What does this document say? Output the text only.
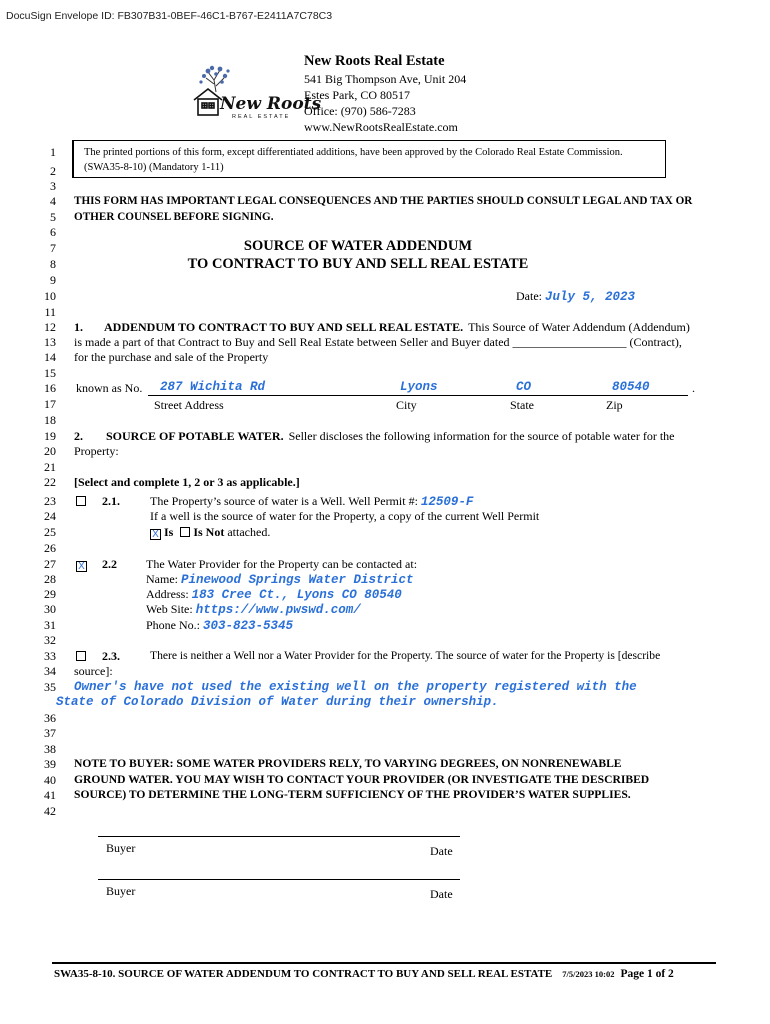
DocuSign Envelope ID: FB307B31-0BEF-46C1-B767-E2411A7C78C3
New Roots
REAL ESTATE
New Roots Real Estate
541 Big Thompson Ave, Unit 204
Estes Park, CO 80517
Office: (970) 586-7283
www.NewRootsRealEstate.com
1
2
3
4
5
6
7
8
9
10
11
12
13
14
15
16
17
18
19
20
21
22
23
24
25
26
27
28
29
30
31
32
33
34
35
36
37
38
39
40
41
42
The printed portions of this form, except differentiated additions, have been approved by the Colorado Real Estate Commission.
(SWA35-8-10) (Mandatory 1-11)
THIS FORM HAS IMPORTANT LEGAL CONSEQUENCES AND THE PARTIES SHOULD CONSULT LEGAL AND TAX OR
OTHER COUNSEL BEFORE SIGNING.
SOURCE OF WATER ADDENDUM
TO CONTRACT TO BUY AND SELL REAL ESTATE
Date: July 5, 2023
1. ADDENDUM TO CONTRACT TO BUY AND SELL REAL ESTATE. This Source of Water Addendum (Addendum)
is made a part of that Contract to Buy and Sell Real Estate between Seller and Buyer dated ___________________ (Contract),
for the purchase and sale of the Property
known as No. 287 Wichita Rd	Lyons	CO	80540	.
Street Address	City	State	Zip
2. SOURCE OF POTABLE WATER. Seller discloses the following information for the source of potable water for the
Property:
[Select and complete 1, 2 or 3 as applicable.]
2.1.	The Property’s source of water is a Well. Well Permit #: 12509-F
If a well is the source of water for the Property, a copy of the current Well Permit
X Is Is Not attached.
X 2.2 The Water Provider for the Property can be contacted at:
Name: Pinewood Springs Water District
Address: 183 Cree Ct., Lyons CO 80540
Web Site: https://www.pwswd.com/
Phone No.: 303-823-5345
2.3.	There is neither a Well nor a Water Provider for the Property. The source of water for the Property is [describe
source]:
Owner's have not used the existing well on the property registered with the
State of Colorado Division of Water during their ownership.
NOTE TO BUYER: SOME WATER PROVIDERS RELY, TO VARYING DEGREES, ON NONRENEWABLE
GROUND WATER. YOU MAY WISH TO CONTACT YOUR PROVIDER (OR INVESTIGATE THE DESCRIBED
SOURCE) TO DETERMINE THE LONG-TERM SUFFICIENCY OF THE PROVIDER’S WATER SUPPLIES.
Buyer	Date
Buyer	Date
SWA35-8-10. SOURCE OF WATER ADDENDUM TO CONTRACT TO BUY AND SELL REAL ESTATE 7/5/2023 10:02 Page 1 of 2
